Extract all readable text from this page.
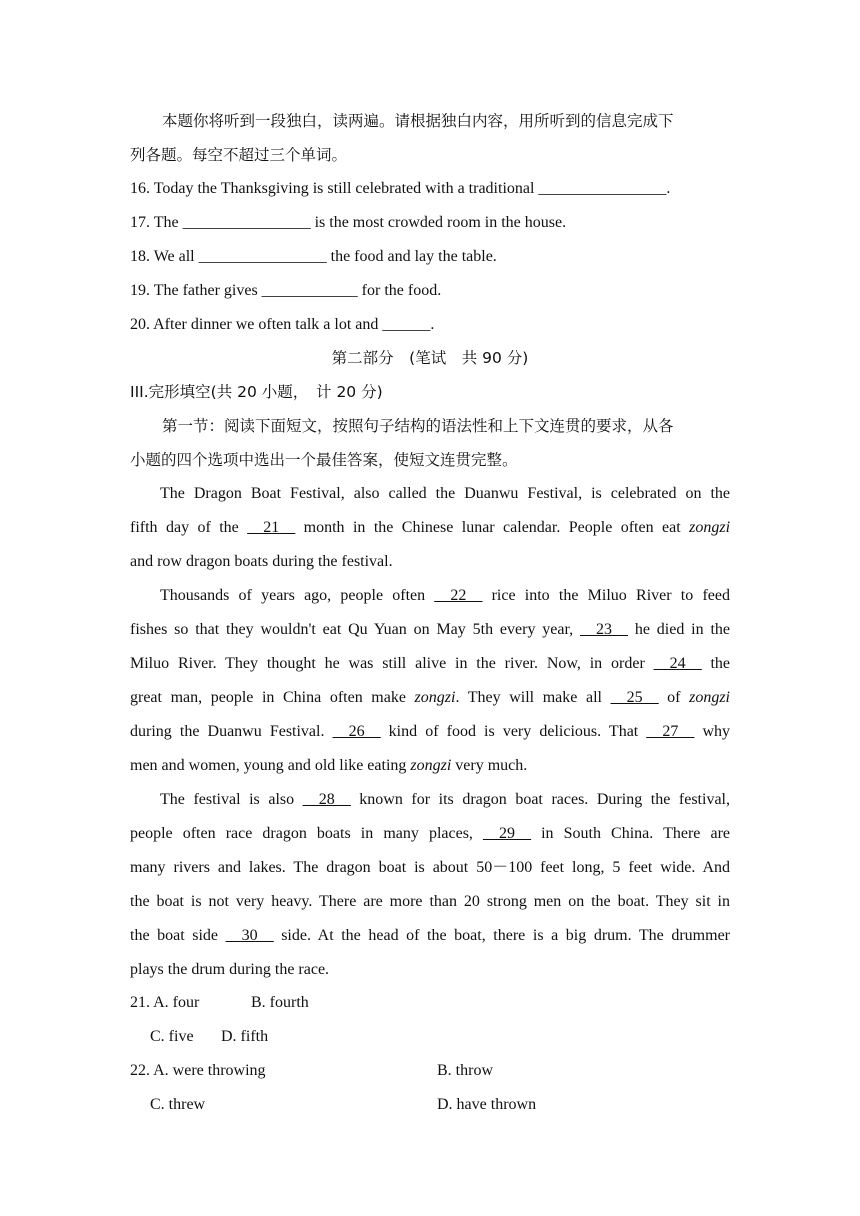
本题你将听到一段独白，读两遍。请根据独白内容，用所听到的信息完成下
列各题。每空不超过三个单词。
16. Today the Thanksgiving is still celebrated with a traditional ________________.
17. The ________________ is the most crowded room in the house.
18. We all ________________ the food and lay the table.
19. The father gives ____________ for the food.
20. After dinner we often talk a lot and ______.
第二部分　(笔试　共 90 分)
III.完形填空(共 20 小题，　计 20 分)
第一节：阅读下面短文，按照句子结构的语法性和上下文连贯的要求，从各
小题的四个选项中选出一个最佳答案，使短文连贯完整。
The Dragon Boat Festival, also called the Duanwu Festival, is celebrated on the
fifth day of the __21__ month in the Chinese lunar calendar. People often eat zongzi
and row dragon boats during the festival.
Thousands of years ago, people often __22__ rice into the Miluo River to feed
fishes so that they wouldn't eat Qu Yuan on May 5th every year, __23__ he died in the
Miluo River. They thought he was still alive in the river. Now, in order __24__ the
great man, people in China often make zongzi. They will make all __25__ of zongzi
during the Duanwu Festival. __26__ kind of food is very delicious. That __27__ why
men and women, young and old like eating zongzi very much.
The festival is also __28__ known for its dragon boat races. During the festival,
people often race dragon boats in many places, __29__ in South China. There are
many rivers and lakes. The dragon boat is about 50－100 feet long, 5 feet wide. And
the boat is not very heavy. There are more than 20 strong men on the boat. They sit in
the boat side __30__ side. At the head of the boat, there is a big drum. The drummer
plays the drum during the race.
21. A. four	B. fourth
C. five D. fifth
22. A. were throwing	B. throw
C. threw	D. have thrown
